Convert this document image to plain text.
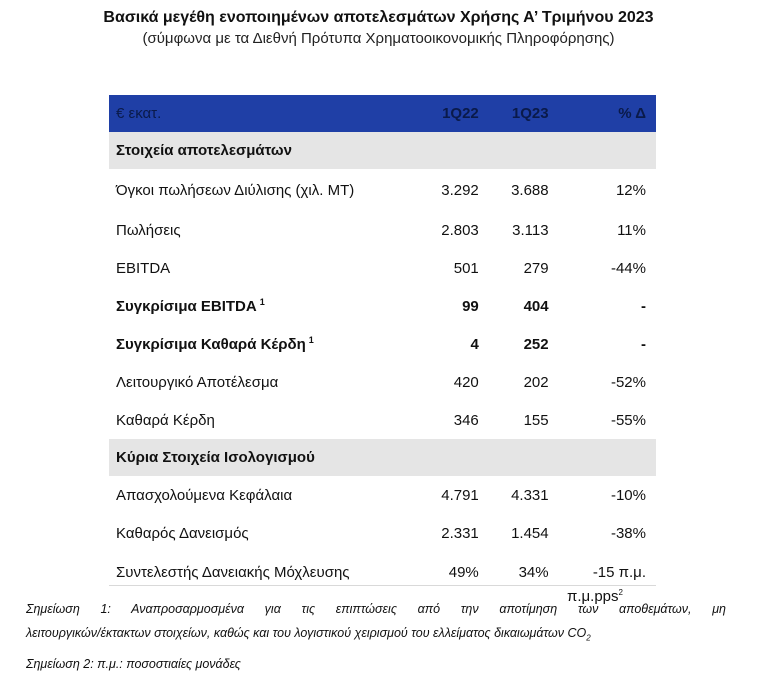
Βασικά μεγέθη ενοποιημένων αποτελεσμάτων Χρήσης Α’ Τριμήνου 2023
(σύμφωνα με τα Διεθνή Πρότυπα Χρηματοοικονομικής Πληροφόρησης)
€ εκατ.	1Q22	1Q23	% Δ
Στοιχεία αποτελεσμάτων			
Όγκοι πωλήσεων Διύλισης (χιλ. ΜΤ)	3.292	3.688	12%
Πωλήσεις	2.803	3.113	11%
EBITDA	501	279	-44%
Συγκρίσιμα EBITDA $^1$	99	404	-
Συγκρίσιμα Καθαρά Κέρδη $^1$	4	252	-
Λειτουργικό Αποτέλεσμα	420	202	-52%
Καθαρά Κέρδη	346	155	-55%
Κύρια Στοιχεία Ισολογισμού			
Απασχολούμενα Κεφάλαια	4.791	4.331	-10%
Καθαρός Δανεισμός	2.331	1.454	-38%
Συντελεστής Δανειακής Μόχλευσης	49%	34%	-15 π.μ.
π.μ.pps$^2$
Σημείωση 1: Αναπροσαρμοσμένα για τις επιπτώσεις από την αποτίμηση των αποθεμάτων, μη
λειτουργικών/έκτακτων στοιχείων, καθώς και του λογιστικού χειρισμού του ελλείματος δικαιωμάτων $CO_2$
Σημείωση 2: π.μ.: ποσοστιαίες μονάδες
